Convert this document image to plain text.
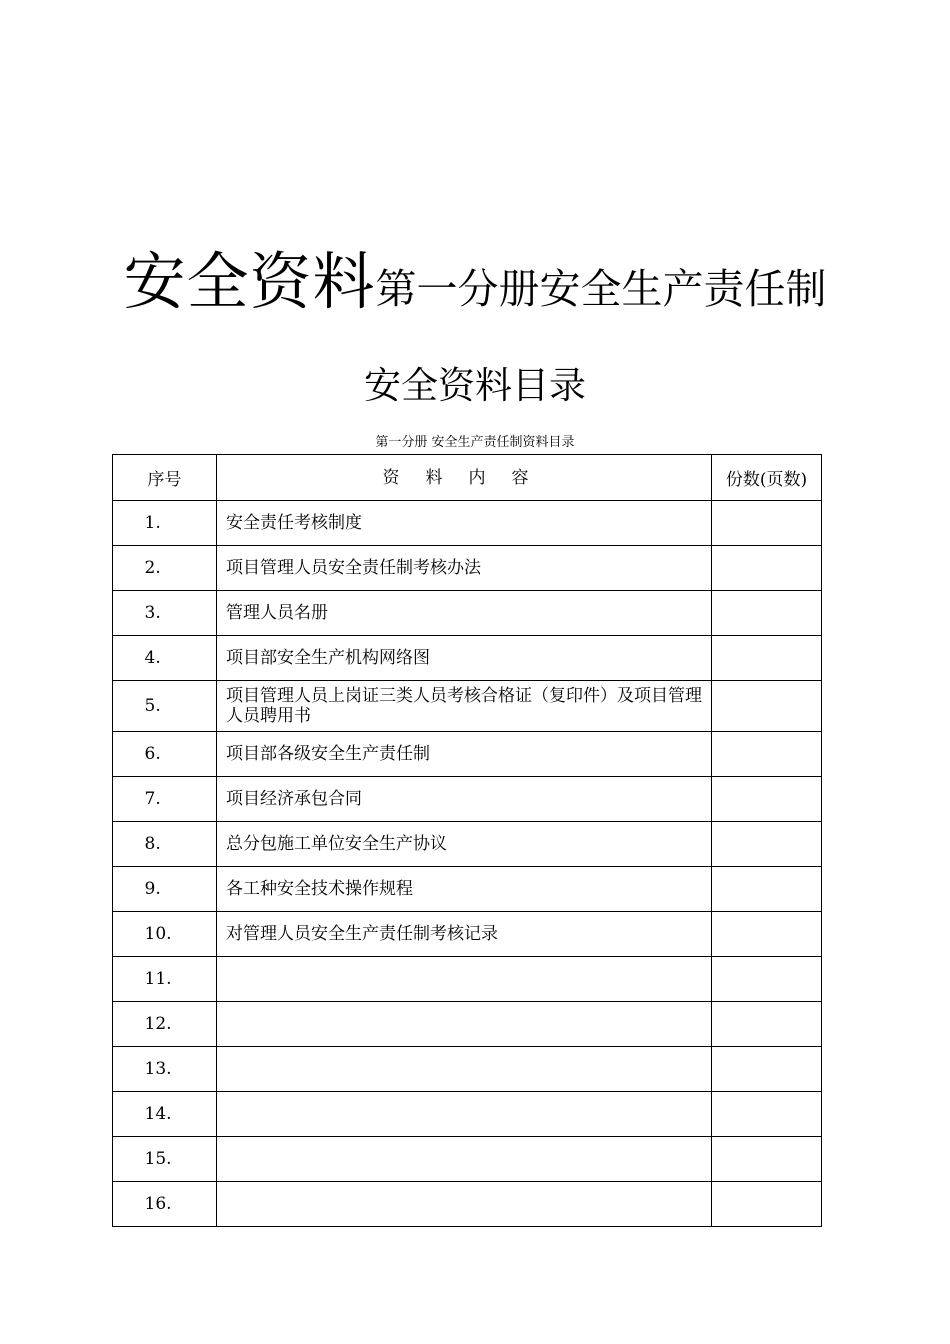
安全资料第一分册安全生产责任制
安全资料目录
第一分册 安全生产责任制资料目录
序号	资料内容	份数(页数)
1.	安全责任考核制度	
2.	项目管理人员安全责任制考核办法	
3.	管理人员名册	
4.	项目部安全生产机构网络图	
5.	项目管理人员上岗证三类人员考核合格证（复印件）及项目管理人员聘用书	
6.	项目部各级安全生产责任制	
7.	项目经济承包合同	
8.	总分包施工单位安全生产协议	
9.	各工种安全技术操作规程	
10.	对管理人员安全生产责任制考核记录	
11.		
12.		
13.		
14.		
15.		
16.		
